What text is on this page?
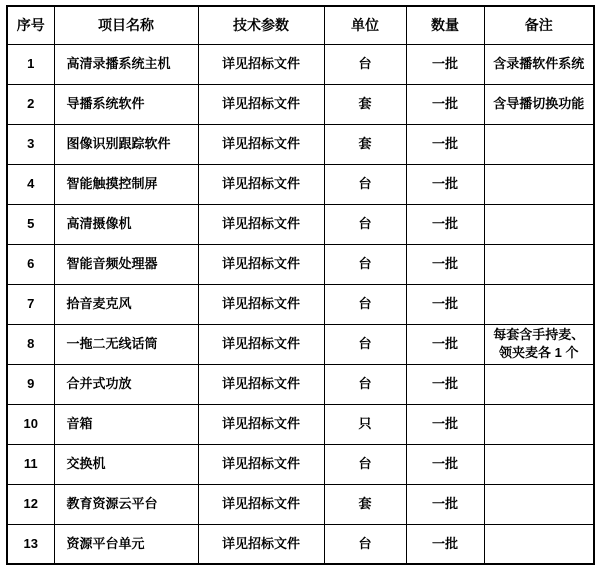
序号	项目名称	技术参数	单位	数量	备注
1	高清录播系统主机	详见招标文件	台	一批	含录播软件系统
2	导播系统软件	详见招标文件	套	一批	含导播切换功能
3	图像识别跟踪软件	详见招标文件	套	一批	
4	智能触摸控制屏	详见招标文件	台	一批	
5	高清摄像机	详见招标文件	台	一批	
6	智能音频处理器	详见招标文件	台	一批	
7	拾音麦克风	详见招标文件	台	一批	
8	一拖二无线话筒	详见招标文件	台	一批	每套含手持麦、领夹麦各 1 个
9	合并式功放	详见招标文件	台	一批	
10	音箱	详见招标文件	只	一批	
11	交换机	详见招标文件	台	一批	
12	教育资源云平台	详见招标文件	套	一批	
13	资源平台单元	详见招标文件	台	一批	
